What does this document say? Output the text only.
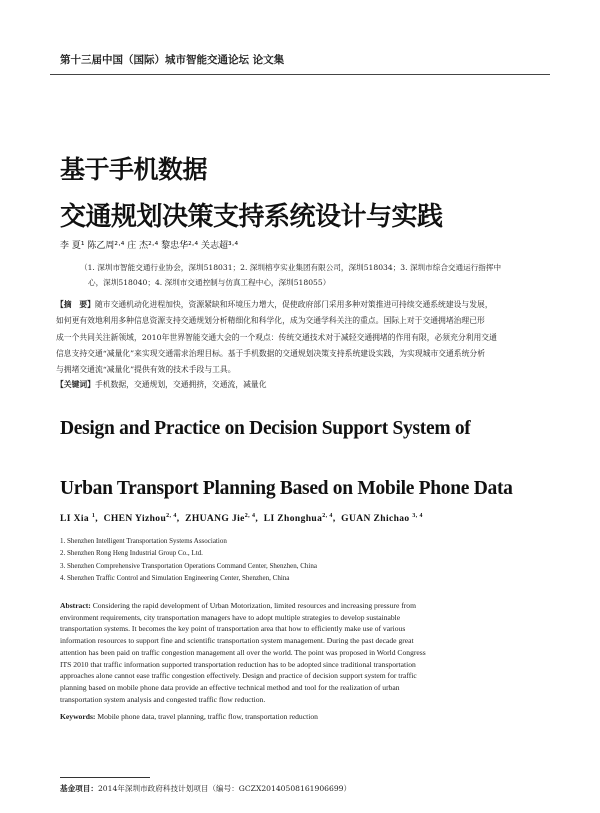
第十三届中国（国际）城市智能交通论坛 论文集
基于手机数据
交通规划决策支持系统设计与实践
李 夏¹ 陈乙周²·⁴ 庄 杰²·⁴ 黎忠华²·⁴ 关志超³·⁴
（1. 深圳市智能交通行业协会，深圳518031；2. 深圳榕亨实业集团有限公司，深圳518034；3. 深圳市综合交通运行指挥中
心，深圳518040；4. 深圳市交通控制与仿真工程中心，深圳518055）
【摘　要】随市交通机动化进程加快，资源紧缺和环境压力增大，促使政府部门采用多种对策推进可持续交通系统建设与发展，
如何更有效地利用多种信息资源支持交通规划分析精细化和科学化，成为交通学科关注的重点。国际上对于交通拥堵治理已形
成一个共同关注新领域，2010年世界智能交通大会的一个观点：传统交通技术对于减轻交通拥堵的作用有限，必须充分利用交通
信息支持交通“减量化”来实现交通需求治理目标。基于手机数据的交通规划决策支持系统建设实践，为实现城市交通系统分析
与拥堵交通流“减量化”提供有效的技术手段与工具。
【关键词】手机数据，交通规划，交通拥挤，交通流，减量化
Design and Practice on Decision Support System of
Urban Transport Planning Based on Mobile Phone Data
LI Xia $^1$,  CHEN Yizhou$^{2, 4}$,  ZHUANG Jie$^{2, 4}$,  LI Zhonghua$^{2, 4}$,  GUAN Zhichao $^{3, 4}$
1. Shenzhen Intelligent Transportation Systems Association
2. Shenzhen Rong Heng Industrial Group Co., Ltd.
3. Shenzhen Comprehensive Transportation Operations Command Center, Shenzhen, China
4. Shenzhen Traffic Control and Simulation Engineering Center, Shenzhen, China
Abstract: Considering the rapid development of Urban Motorization, limited resources and increasing pressure from
environment requirements, city transportation managers have to adopt multiple strategies to develop sustainable
transportation systems. It becomes the key point of transportation area that how to efficiently make use of various
information resources to support fine and scientific transportation system management. During the past decade great
attention has been paid on traffic congestion management all over the world. The point was proposed in World Congress
ITS 2010 that traffic information supported transportation reduction has to be adopted since traditional transportation
approaches alone cannot ease traffic congestion effectively. Design and practice of decision support system for traffic
planning based on mobile phone data provide an effective technical method and tool for the realization of urban
transportation system analysis and congested traffic flow reduction.
Keywords: Mobile phone data, travel planning, traffic flow, transportation reduction
基金项目：2014年深圳市政府科技计划项目（编号：GCZX20140508161906699）
